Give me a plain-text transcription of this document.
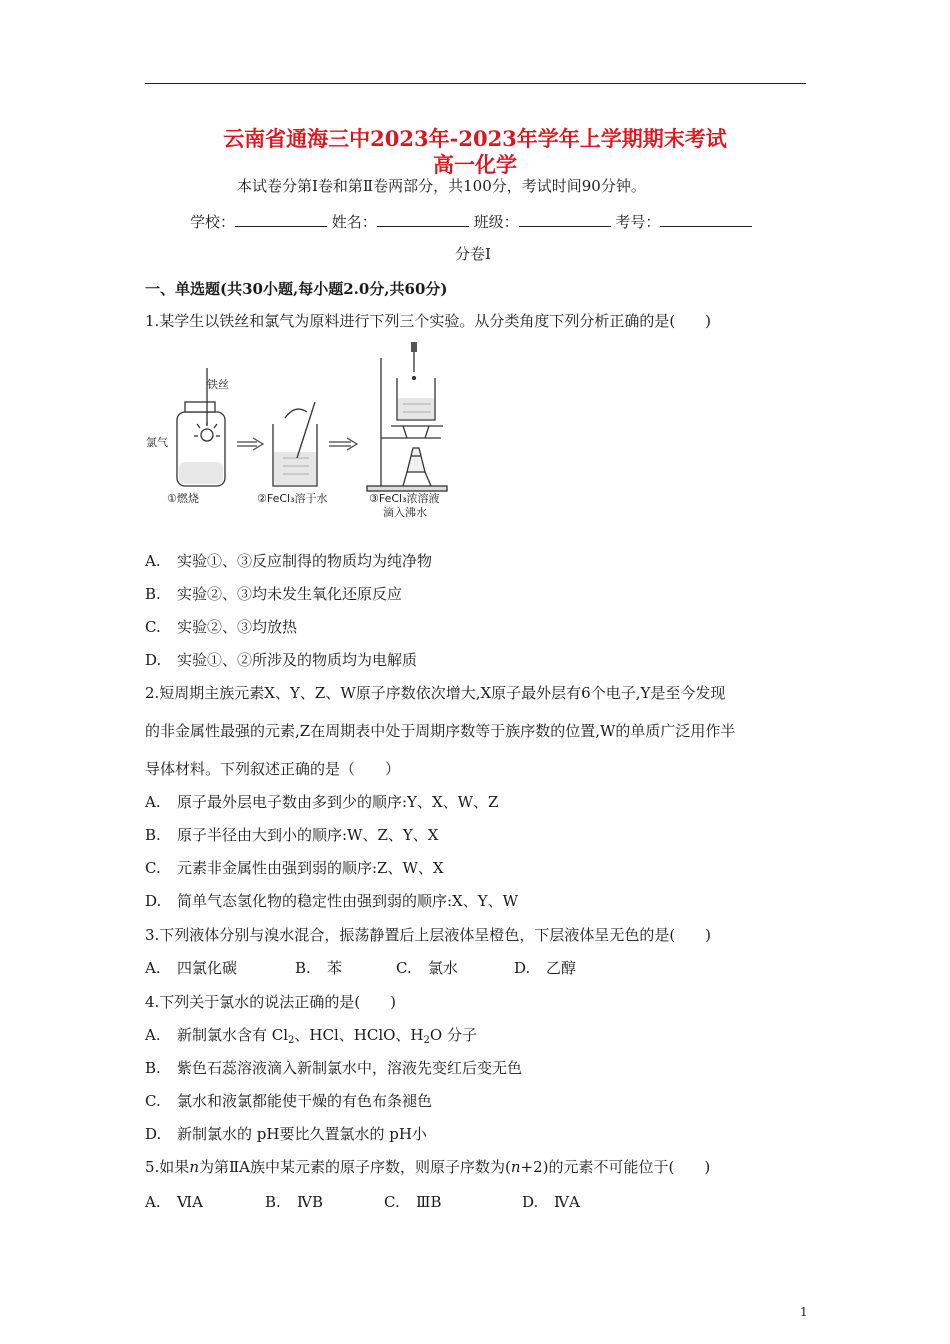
云南省通海三中2023年-2023年学年上学期期末考试
高一化学
本试卷分第Ⅰ卷和第Ⅱ卷两部分，共100分，考试时间90分钟。
学校：	姓名：	班级：	考号：
分卷I
一、单选题(共30小题,每小题2.0分,共60分)
1.某学生以铁丝和氯气为原料进行下列三个实验。从分类角度下列分析正确的是(　　)
铁丝
氯气
①燃烧	②FeCl₃溶于水	③FeCl₃浓溶液
滴入沸水
A. 实验①、③反应制得的物质均为纯净物
B. 实验②、③均未发生氧化还原反应
C. 实验②、③均放热
D. 实验①、②所涉及的物质均为电解质
2.短周期主族元素X、Y、Z、W原子序数依次增大,X原子最外层有6个电子,Y是至今发现
的非金属性最强的元素,Z在周期表中处于周期序数等于族序数的位置,W的单质广泛用作半
导体材料。下列叙述正确的是（　　）
A. 原子最外层电子数由多到少的顺序:Y、X、W、Z
B. 原子半径由大到小的顺序:W、Z、Y、X
C. 元素非金属性由强到弱的顺序:Z、W、X
D. 简单气态氢化物的稳定性由强到弱的顺序:X、Y、W
3.下列液体分别与溴水混合，振荡静置后上层液体呈橙色，下层液体呈无色的是(　　)
A. 四氯化碳	B. 苯	C. 氯水	D. 乙醇
4.下列关于氯水的说法正确的是(　　)
A. 新制氯水含有 $Cl_2$、HCl、HClO、$H_2O$ 分子
B. 紫色石蕊溶液滴入新制氯水中，溶液先变红后变无色
C. 氯水和液氯都能使干燥的有色布条褪色
D. 新制氯水的 pH要比久置氯水的 pH小
5.如果n为第ⅡA族中某元素的原子序数，则原子序数为(n+2)的元素不可能位于(　　)
A. ⅥA	B. ⅣB	C. ⅢB	D. ⅣA
1
